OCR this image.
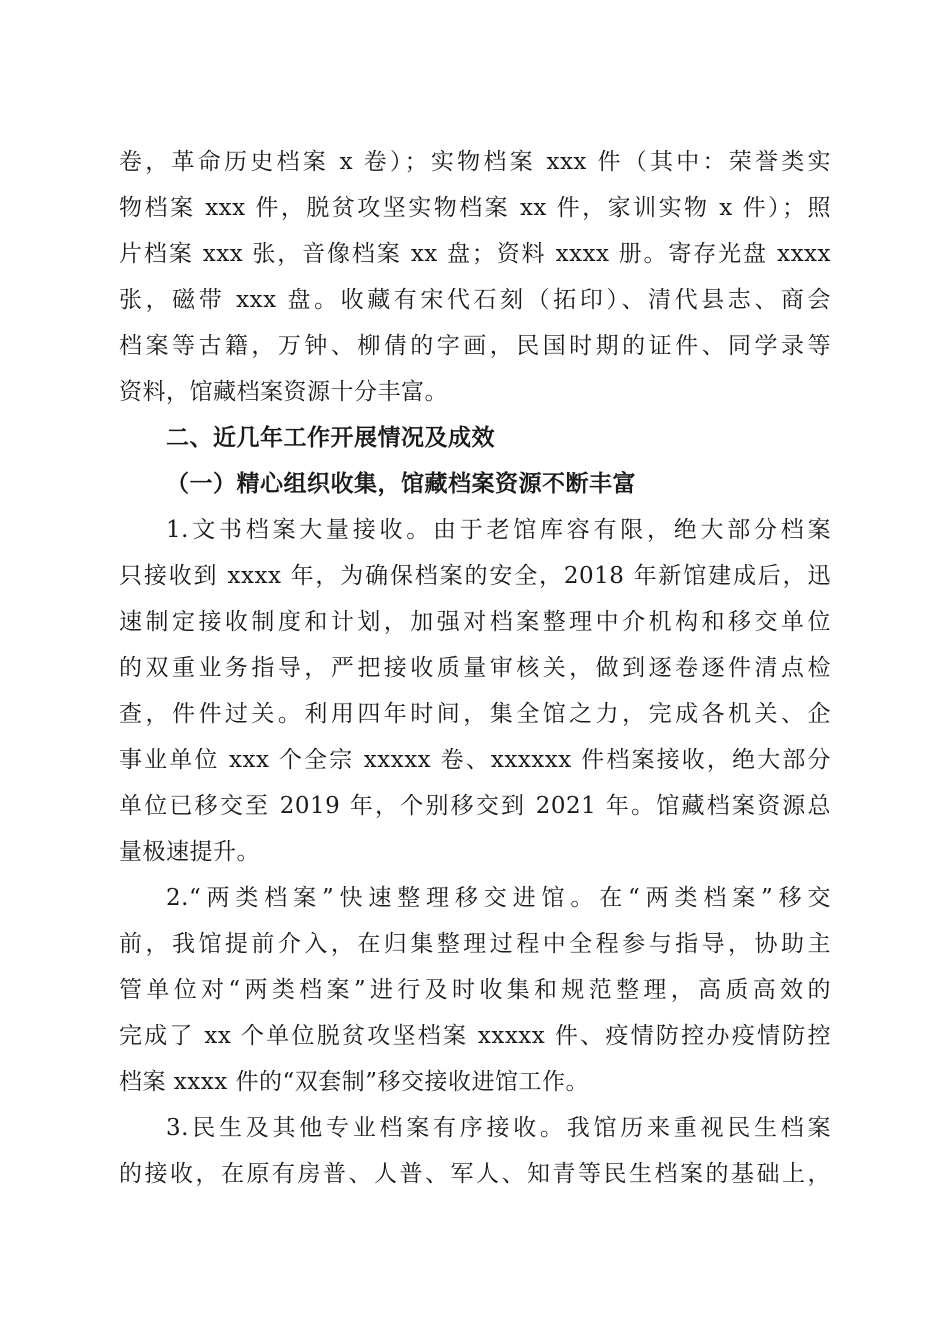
卷，革命历史档案 x 卷）；实物档案 xxx 件（其中：荣誉类实
物档案 xxx 件，脱贫攻坚实物档案 xx 件，家训实物 x 件）；照
片档案 xxx 张，音像档案 xx 盘；资料 xxxx 册。寄存光盘 xxxx
张，磁带 xxx 盘。收藏有宋代石刻（拓印）、清代县志、商会
档案等古籍，万钟、柳倩的字画，民国时期的证件、同学录等
资料，馆藏档案资源十分丰富。
二、近几年工作开展情况及成效
（一）精心组织收集，馆藏档案资源不断丰富
1.文书档案大量接收。由于老馆库容有限，绝大部分档案
只接收到 xxxx 年，为确保档案的安全，2018 年新馆建成后，迅
速制定接收制度和计划，加强对档案整理中介机构和移交单位
的双重业务指导，严把接收质量审核关，做到逐卷逐件清点检
查，件件过关。利用四年时间，集全馆之力，完成各机关、企
事业单位 xxx 个全宗 xxxxx 卷、xxxxxx 件档案接收，绝大部分
单位已移交至 2019 年，个别移交到 2021 年。馆藏档案资源总
量极速提升。
2.“两类档案”快速整理移交进馆。在“两类档案”移交
前，我馆提前介入，在归集整理过程中全程参与指导，协助主
管单位对“两类档案”进行及时收集和规范整理，高质高效的
完成了 xx 个单位脱贫攻坚档案 xxxxx 件、疫情防控办疫情防控
档案 xxxx 件的“双套制”移交接收进馆工作。
3.民生及其他专业档案有序接收。我馆历来重视民生档案
的接收，在原有房普、人普、军人、知青等民生档案的基础上，
